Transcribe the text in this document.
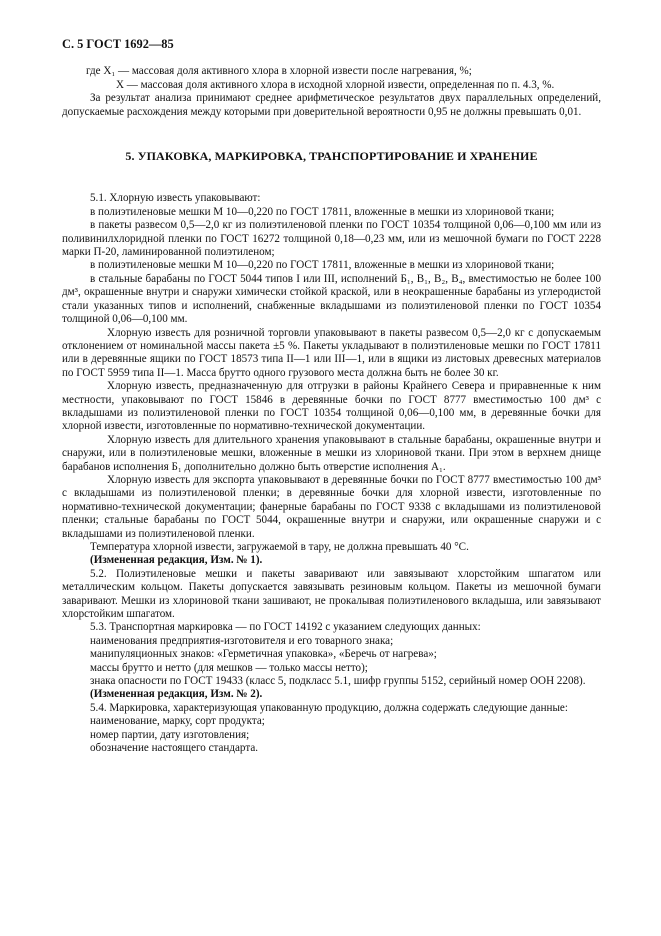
С. 5 ГОСТ 1692—85

где X₁ — массовая доля активного хлора в хлорной извести после нагревания, %;

X — массовая доля активного хлора в исходной хлорной извести, определенная по п. 4.3, %.

За результат анализа принимают среднее арифметическое результатов двух параллельных определений, допускаемые расхождения между которыми при доверительной вероятности 0,95 не должны превышать 0,01.

5. УПАКОВКА, МАРКИРОВКА, ТРАНСПОРТИРОВАНИЕ И ХРАНЕНИЕ

5.1. Хлорную известь упаковывают:

в полиэтиленовые мешки М 10—0,220 по ГОСТ 17811, вложенные в мешки из хлориновой ткани;

в пакеты развесом 0,5—2,0 кг из полиэтиленовой пленки по ГОСТ 10354 толщиной 0,06—0,100 мм или из поливинилхлоридной пленки по ГОСТ 16272 толщиной 0,18—0,23 мм, или из мешочной бумаги по ГОСТ 2228 марки П-20, ламинированной полиэтиленом;

в полиэтиленовые мешки М 10—0,220 по ГОСТ 17811, вложенные в мешки из хлориновой ткани;

в стальные барабаны по ГОСТ 5044 типов I или III, исполнений Б₁, В₁, В₂, В₄, вместимостью не более 100 дм³, окрашенные внутри и снаружи химически стойкой краской, или в неокрашенные барабаны из углеродистой стали указанных типов и исполнений, снабженные вкладышами из полиэтиленовой пленки по ГОСТ 10354 толщиной 0,06—0,100 мм.

Хлорную известь для розничной торговли упаковывают в пакеты развесом 0,5—2,0 кг с допускаемым отклонением от номинальной массы пакета ±5 %. Пакеты укладывают в полиэтиленовые мешки по ГОСТ 17811 или в деревянные ящики по ГОСТ 18573 типа II—1 или III—1, или в ящики из листовых древесных материалов по ГОСТ 5959 типа II—1. Масса брутто одного грузового места должна быть не более 30 кг.

Хлорную известь, предназначенную для отгрузки в районы Крайнего Севера и приравненные к ним местности, упаковывают по ГОСТ 15846 в деревянные бочки по ГОСТ 8777 вместимостью 100 дм³ с вкладышами из полиэтиленовой пленки по ГОСТ 10354 толщиной 0,06—0,100 мм, в деревянные бочки для хлорной извести, изготовленные по нормативно-технической документации.

Хлорную известь для длительного хранения упаковывают в стальные барабаны, окрашенные внутри и снаружи, или в полиэтиленовые мешки, вложенные в мешки из хлориновой ткани. При этом в верхнем днище барабанов исполнения Б₁ дополнительно должно быть отверстие исполнения А₁.

Хлорную известь для экспорта упаковывают в деревянные бочки по ГОСТ 8777 вместимостью 100 дм³ с вкладышами из полиэтиленовой пленки; в деревянные бочки для хлорной извести, изготовленные по нормативно-технической документации; фанерные барабаны по ГОСТ 9338 с вкладышами из полиэтиленовой пленки; стальные барабаны по ГОСТ 5044, окрашенные внутри и снаружи, или окрашенные снаружи и с вкладышами из полиэтиленовой пленки.

Температура хлорной извести, загружаемой в тару, не должна превышать 40 °С.

(Измененная редакция, Изм. № 1).

5.2. Полиэтиленовые мешки и пакеты заваривают или завязывают хлорстойким шпагатом или металлическим кольцом. Пакеты допускается завязывать резиновым кольцом. Пакеты из мешочной бумаги заваривают. Мешки из хлориновой ткани зашивают, не прокалывая полиэтиленового вкладыша, или завязывают хлорстойким шпагатом.

5.3. Транспортная маркировка — по ГОСТ 14192 с указанием следующих данных:

наименования предприятия-изготовителя и его товарного знака;

манипуляционных знаков: «Герметичная упаковка», «Беречь от нагрева»;

массы брутто и нетто (для мешков — только массы нетто);

знака опасности по ГОСТ 19433 (класс 5, подкласс 5.1, шифр группы 5152, серийный номер ООН 2208).

(Измененная редакция, Изм. № 2).

5.4. Маркировка, характеризующая упакованную продукцию, должна содержать следующие данные:

наименование, марку, сорт продукта;

номер партии, дату изготовления;

обозначение настоящего стандарта.
